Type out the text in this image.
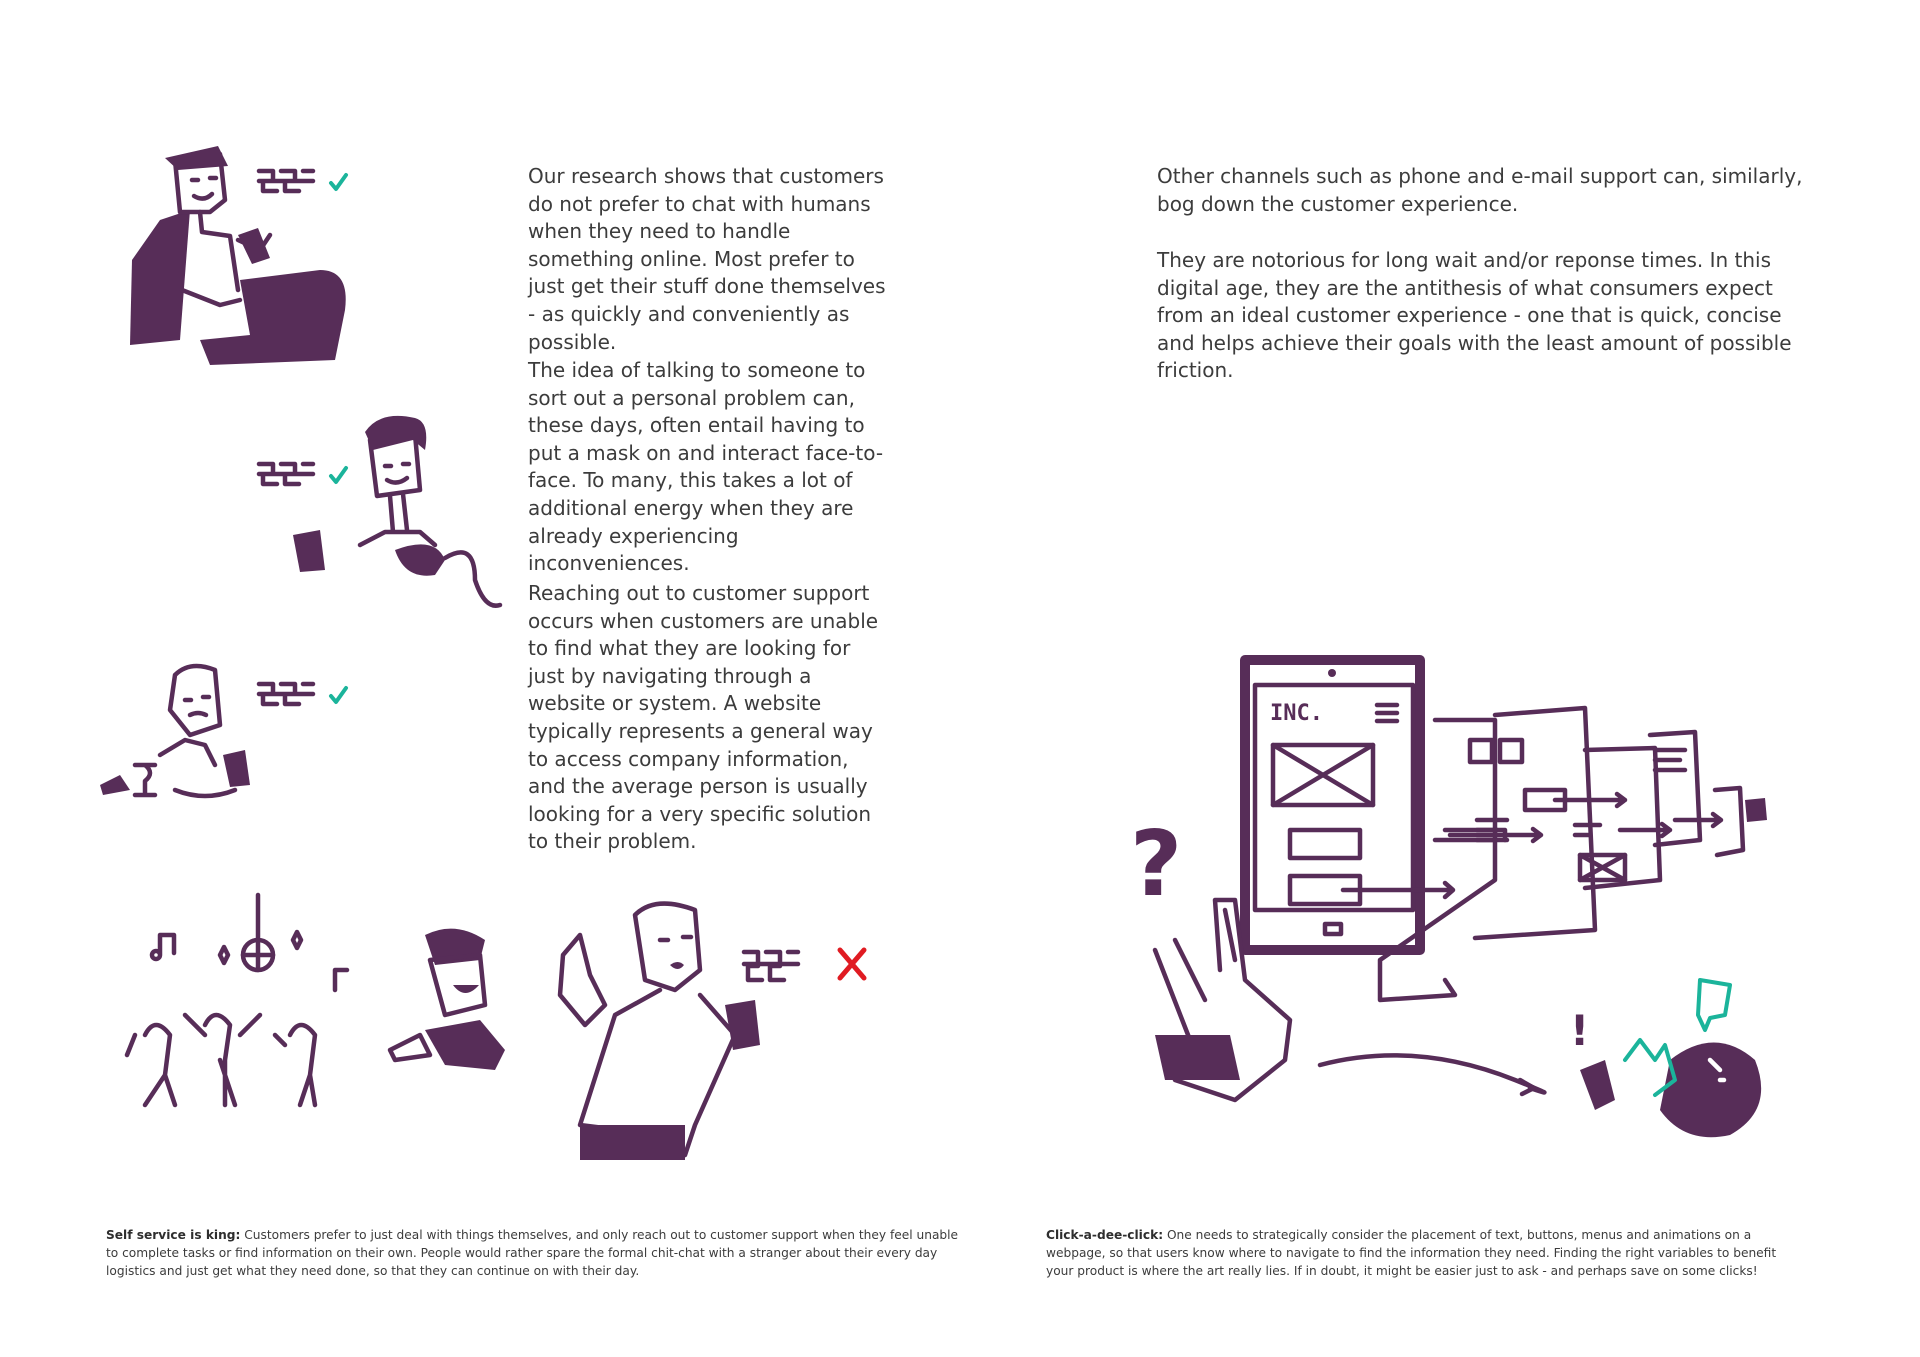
Our research shows that customers do not prefer to chat with humans when they need to handle something online. Most prefer to just get their stuff done themselves - as quickly and conveniently as possible.

The idea of talking to someone to sort out a personal problem can, these days, often entail having to put a mask on and interact face-to-face. To many, this takes a lot of additional energy when they are already experiencing inconveniences.

Reaching out to customer support occurs when customers are unable to find what they are looking for just by navigating through a website or system. A website typically represents a general way to access company information, and the average person is usually looking for a very specific solution to their problem.

Other channels such as phone and e-mail support can, similarly, bog down the customer experience.

They are notorious for long wait and/or reponse times. In this digital age, they are the antithesis of what consumers expect from an ideal customer experience - one that is quick, concise and helps achieve their goals with the least amount of possible friction.

Self service is king: Customers prefer to just deal with things themselves, and only reach out to customer support when they feel unable to complete tasks or find information on their own. People would rather spare the formal chit-chat with a stranger about their every day logistics and just get what they need done, so that they can continue on with their day.
Click-a-dee-click: One needs to strategically consider the placement of text, buttons, menus and animations on a webpage, so that users know where to navigate to find the information they need. Finding the right variables to benefit your product is where the art really lies. If in doubt, it might be easier just to ask - and perhaps save on some clicks!
INC.
?
!
